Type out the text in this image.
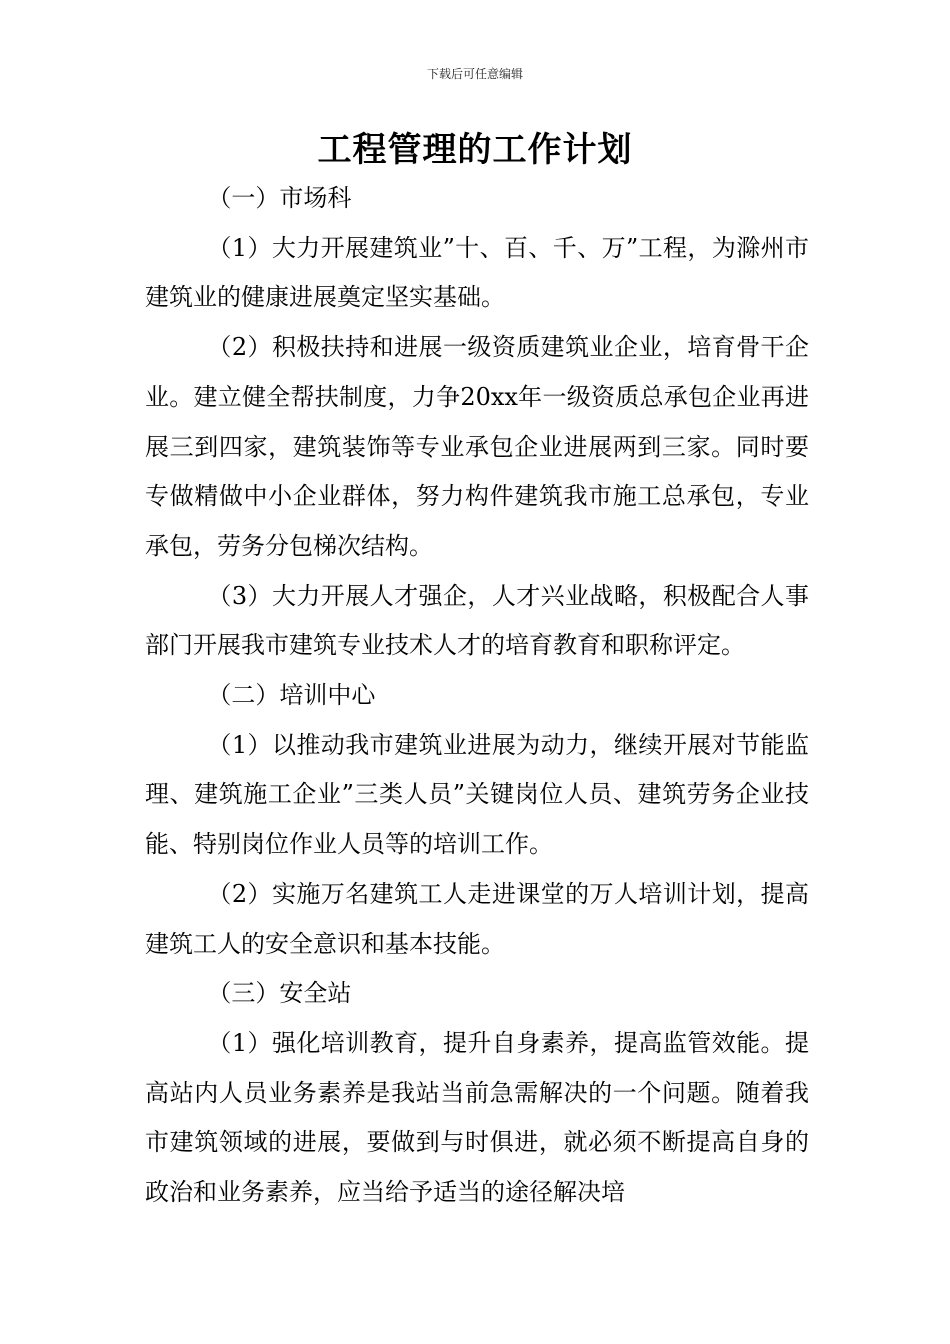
下载后可任意编辑
工程管理的工作计划

（一）市场科

（1）大力开展建筑业”十、百、千、万”工程，为滁州市建筑业的健康进展奠定坚实基础。

（2）积极扶持和进展一级资质建筑业企业，培育骨干企业。建立健全帮扶制度，力争20xx年一级资质总承包企业再进展三到四家，建筑装饰等专业承包企业进展两到三家。同时要专做精做中小企业群体，努力构件建筑我市施工总承包，专业承包，劳务分包梯次结构。

（3）大力开展人才强企，人才兴业战略，积极配合人事部门开展我市建筑专业技术人才的培育教育和职称评定。

（二）培训中心

（1）以推动我市建筑业进展为动力，继续开展对节能监理、建筑施工企业”三类人员”关键岗位人员、建筑劳务企业技能、特别岗位作业人员等的培训工作。

（2）实施万名建筑工人走进课堂的万人培训计划，提高建筑工人的安全意识和基本技能。

（三）安全站

（1）强化培训教育，提升自身素养，提高监管效能。提高站内人员业务素养是我站当前急需解决的一个问题。随着我市建筑领域的进展，要做到与时俱进，就必须不断提高自身的政治和业务素养，应当给予适当的途径解决培
